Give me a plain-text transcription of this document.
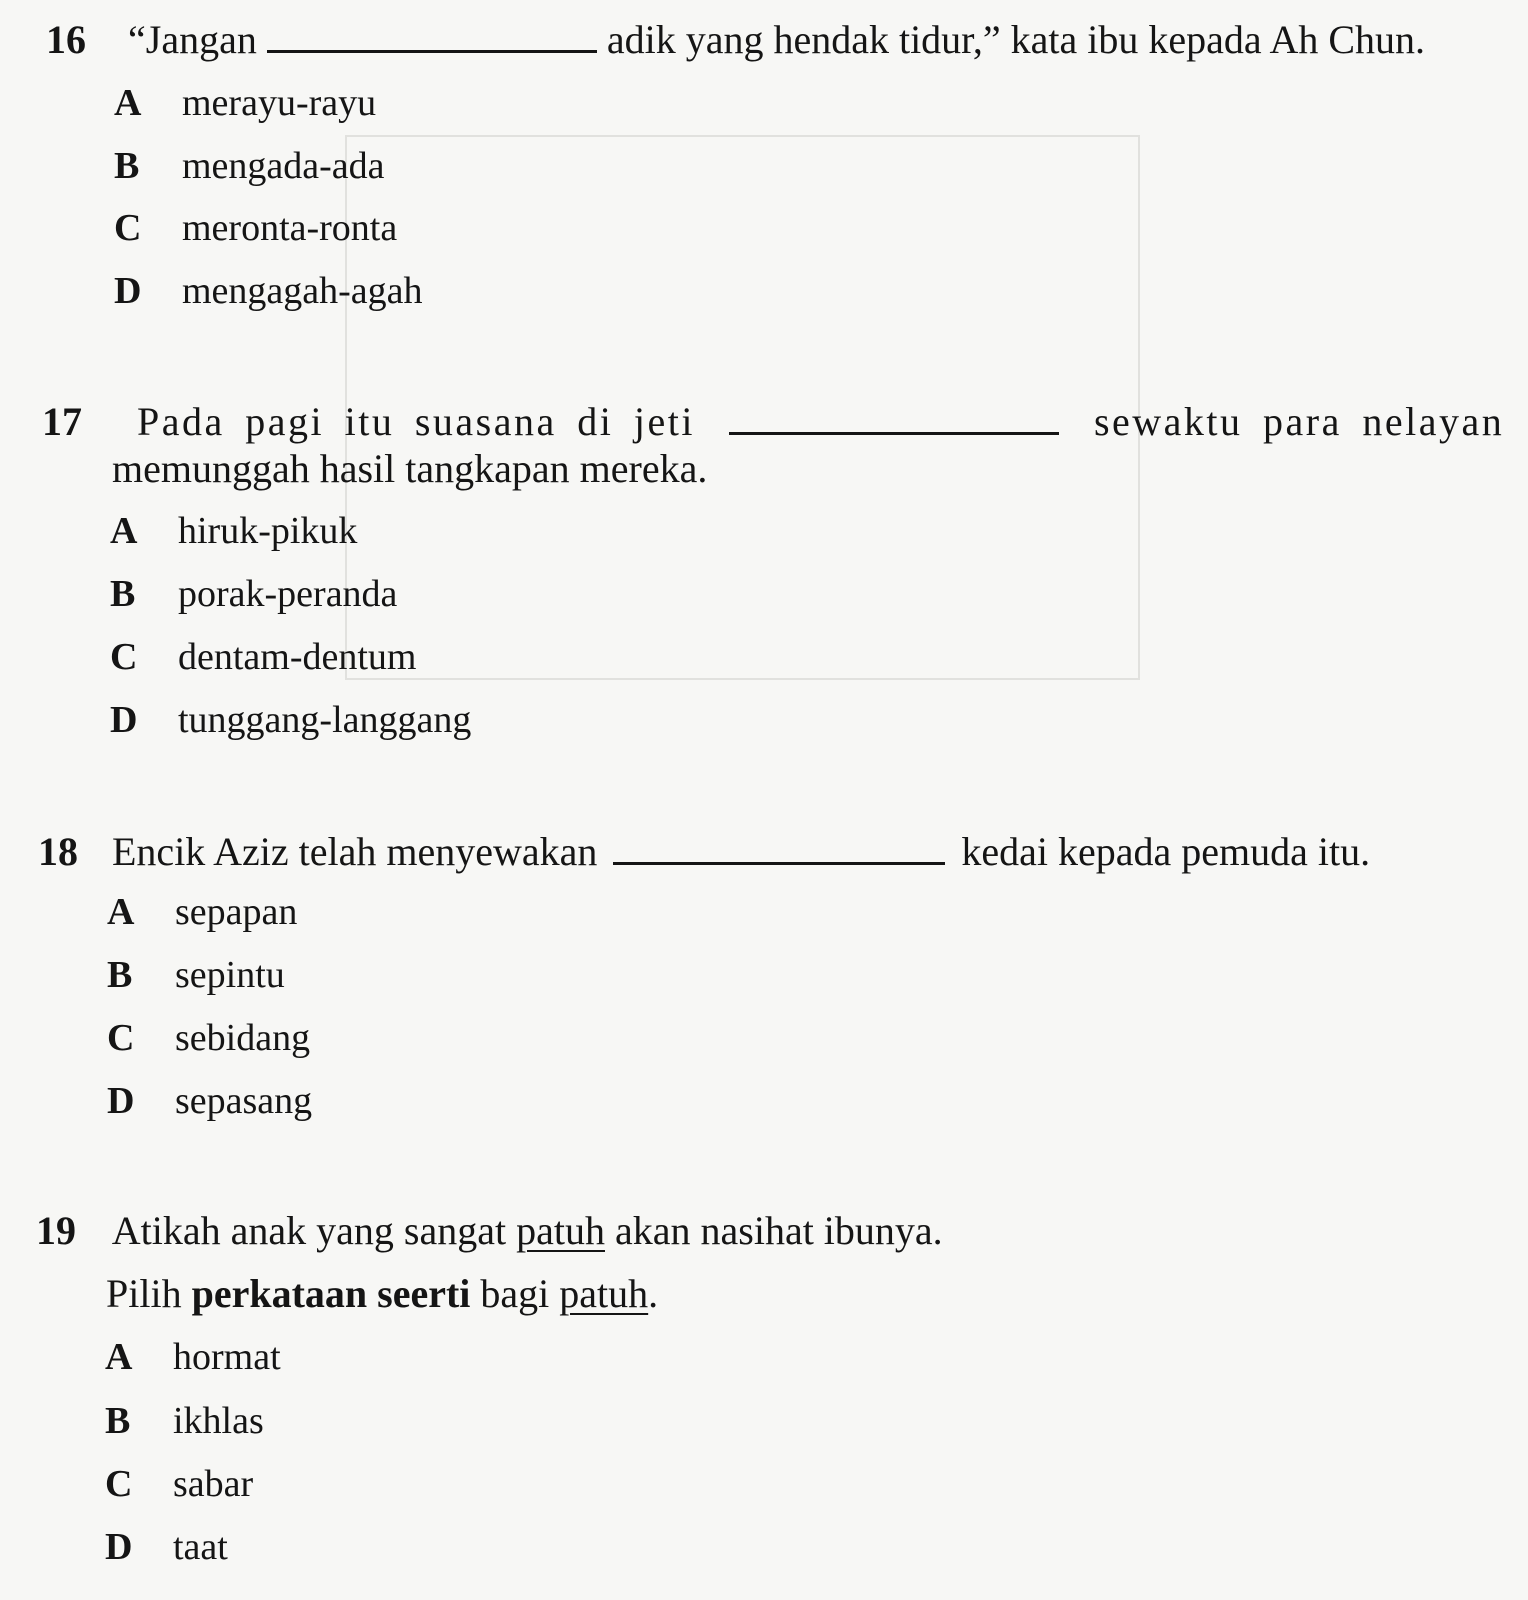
16 “Jangan	adik yang hendak tidur,” kata ibu kepada Ah Chun.
A merayu-rayu
B mengada-ada
C meronta-ronta
D mengagah-agah
17 Pada pagi itu suasana di jeti	sewaktu para nelayan
memunggah hasil tangkapan mereka.
A hiruk-pikuk
B porak-peranda
C dentam-dentum
D tunggang-langgang
18 Encik Aziz telah menyewakan	kedai kepada pemuda itu.
A sepapan
B sepintu
C sebidang
D sepasang
19 Atikah anak yang sangat patuh akan nasihat ibunya.
Pilih perkataan seerti bagi patuh.
A hormat
B ikhlas
C sabar
D taat
